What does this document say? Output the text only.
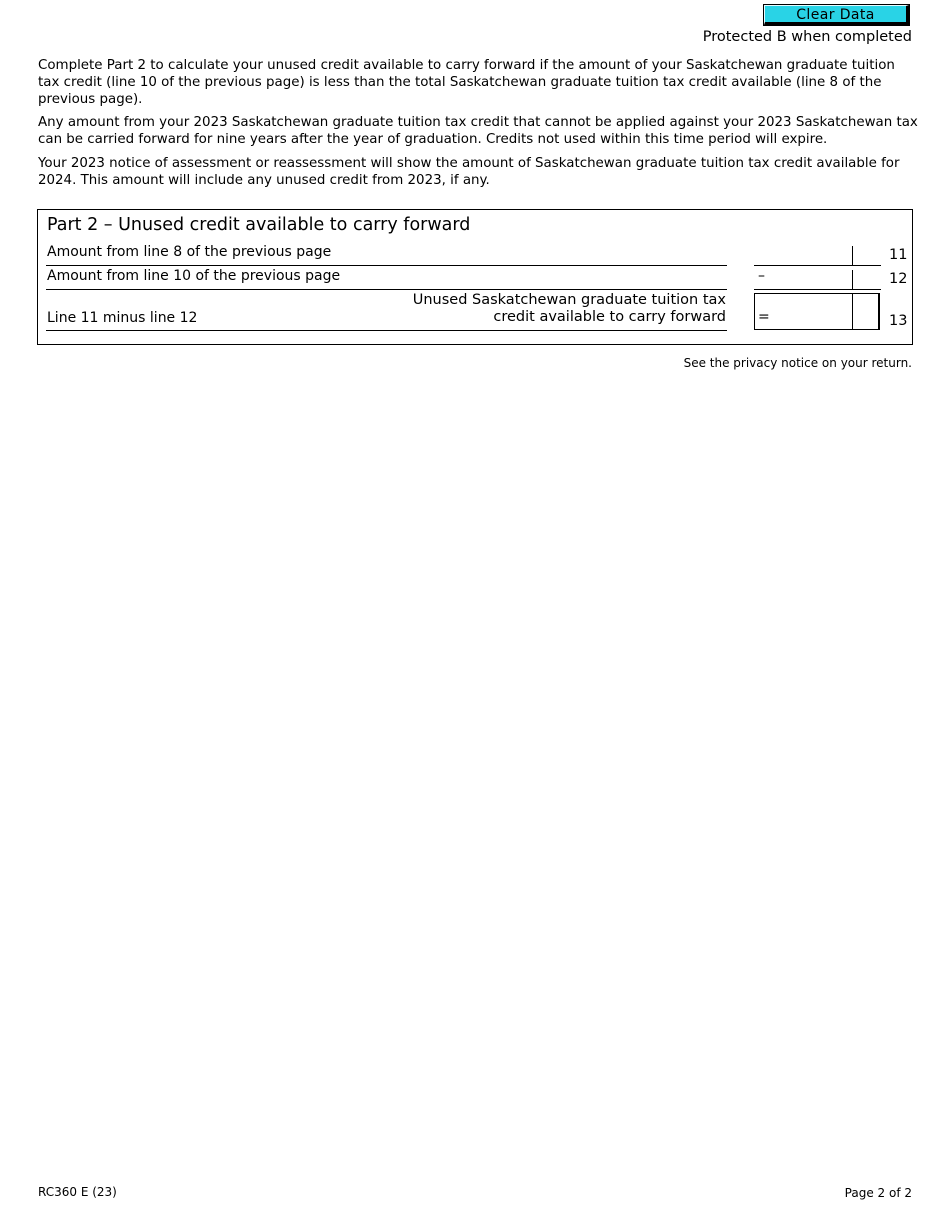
Clear Data
Protected B when completed

Complete Part 2 to calculate your unused credit available to carry forward if the amount of your Saskatchewan graduate tuition tax credit (line 10 of the previous page) is less than the total Saskatchewan graduate tuition tax credit available (line 8 of the previous page).

Any amount from your 2023 Saskatchewan graduate tuition tax credit that cannot be applied against your 2023 Saskatchewan tax can be carried forward for nine years after the year of graduation. Credits not used within this time period will expire.

Your 2023 notice of assessment or reassessment will show the amount of Saskatchewan graduate tuition tax credit available for 2024. This amount will include any unused credit from 2023, if any.

Part 2 – Unused credit available to carry forward
Amount from line 8 of the previous page	11
Amount from line 10 of the previous page	–	12
Line 11 minus line 12
Unused Saskatchewan graduate tuition tax
credit available to carry forward =	13
See the privacy notice on your return.
RC360 E (23)	Page 2 of 2
